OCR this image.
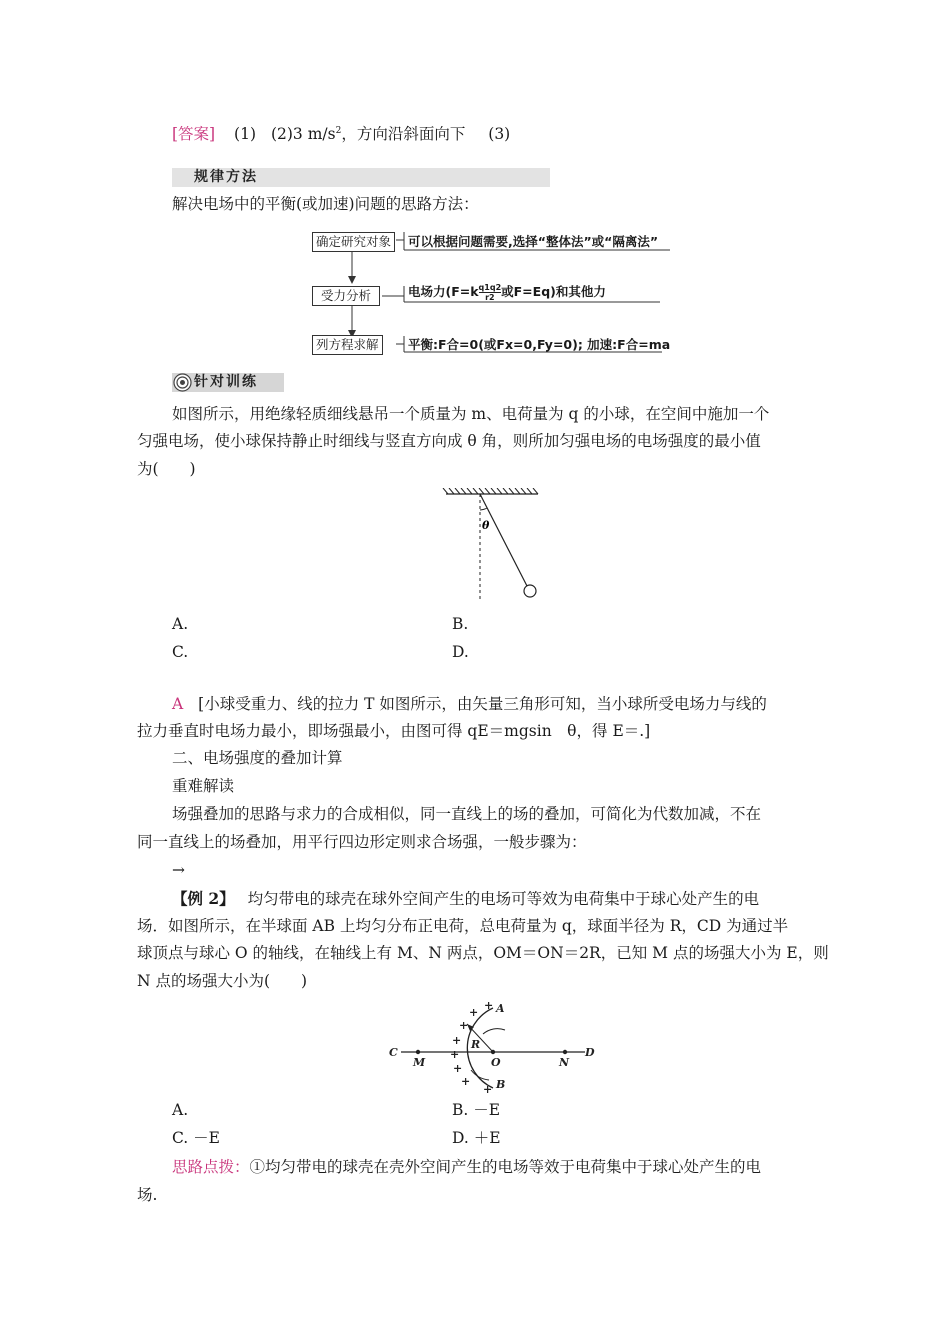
[答案] (1) (2)3 $m/s^2$，方向沿斜面向下 (3)
规律方法
解决电场中的平衡(或加速)问题的思路方法：
确定研究对象	可以根据问题需要,选择“整体法”或“隔离法”
受力分析	电场力($F=k \frac{q1q2}{r2}$ 或F=Eq)和其他力
列方程求解	平衡:F合=0(或Fx=0,Fy=0); 加速:F合=ma
针对训练
如图所示，用绝缘轻质细线悬吊一个质量为 m、电荷量为 q 的小球，在空间中施加一个
匀强电场，使小球保持静止时细线与竖直方向成 θ 角，则所加匀强电场的电场强度的最小值
为(　　)
θ
A.	B.
C.	D.
A [小球受重力、线的拉力 T 如图所示，由矢量三角形可知，当小球所受电场力与线的
拉力垂直时电场力最小，即场强最小，由图可得 qE＝mgsin　θ，得 E＝.]
二、电场强度的叠加计算
重难解读
场强叠加的思路与求力的合成相似，同一直线上的场的叠加，可简化为代数加减，不在
同一直线上的场叠加，用平行四边形定则求合场强，一般步骤为：
→
【例 2】 均匀带电的球壳在球外空间产生的电场可等效为电荷集中于球心处产生的电
场．如图所示，在半球面 AB 上均匀分布正电荷，总电荷量为 q，球面半径为 R，CD 为通过半
球顶点与球心 O 的轴线，在轴线上有 M、N 两点，OM＝ON＝2R，已知 M 点的场强大小为 E，则
N 点的场强大小为(　　)
C
M	O	N
D
R
A
B
+
+
+
+
+
+
+
+
A.	B. －E
C. －E	D. ＋E
思路点拨：①均匀带电的球壳在壳外空间产生的电场等效于电荷集中于球心处产生的电
场.
